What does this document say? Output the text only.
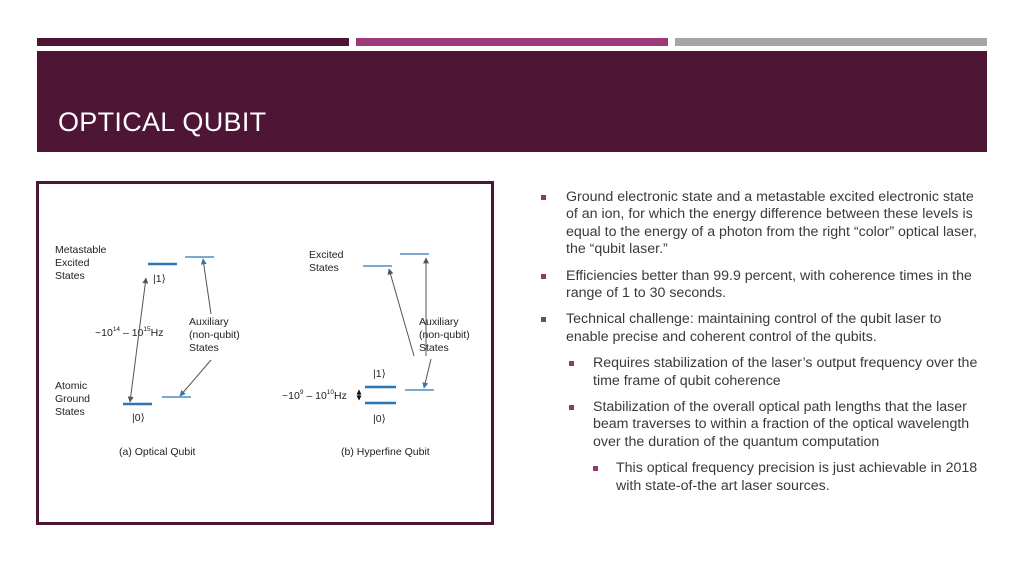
OPTICAL QUBIT
Metastable
Excited
States	|1⟩
$\sim 10^{14} - 10^{15}Hz$
Auxiliary
(non-qubit)
States
Atomic
Ground
States	|0⟩
(a) Optical Qubit
Excited
States
Auxiliary
(non-qubit)
States
|1⟩
|0⟩
$\sim 10^9 - 10^{10}Hz$
(b) Hyperfine Qubit
Ground electronic state and a metastable excited electronic state of an ion, for which the energy difference between these levels is equal to the energy of a photon from the right “color” optical laser, the “qubit laser.”
Efficiencies better than 99.9 percent, with coherence times in the range of 1 to 30 seconds.
Technical challenge: maintaining control of the qubit laser to enable precise and coherent control of the qubits.
Requires stabilization of the laser’s output frequency over the time frame of qubit coherence
Stabilization of the overall optical path lengths that the laser beam traverses to within a fraction of the optical wavelength over the duration of the quantum computation
This optical frequency precision is just achievable in 2018 with state-of-the art laser sources.
